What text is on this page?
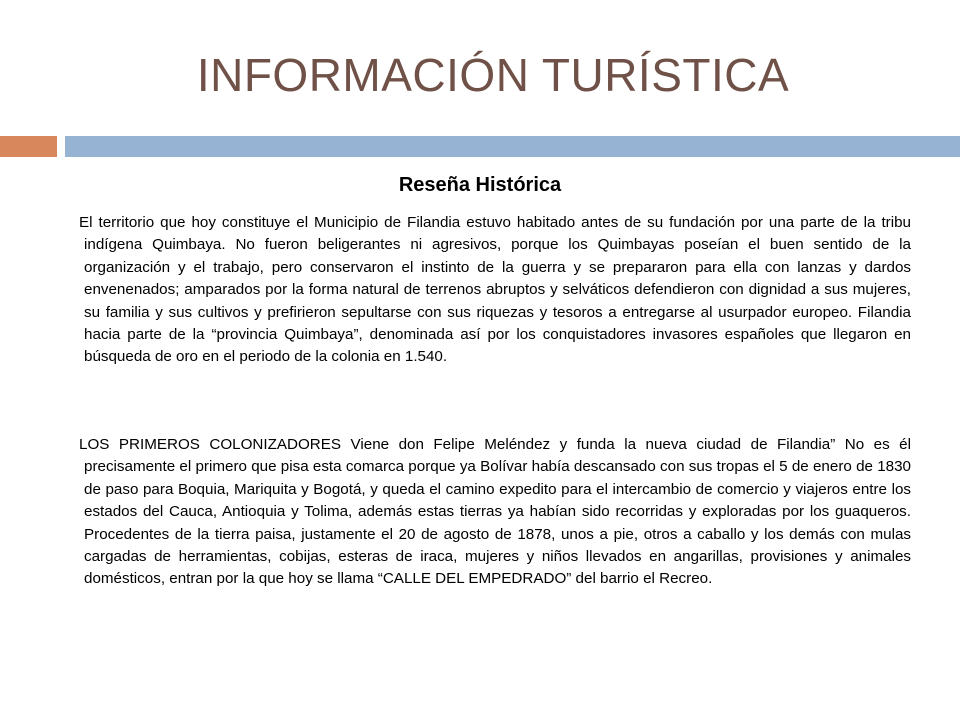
INFORMACIÓN TURÍSTICA
Reseña Histórica

El territorio que hoy constituye el Municipio de Filandia estuvo habitado antes de su fundación por una parte de la tribu indígena Quimbaya. No fueron beligerantes ni agresivos, porque los Quimbayas poseían el buen sentido de la organización y el trabajo, pero conservaron el instinto de la guerra y se prepararon para ella con lanzas y dardos envenenados; amparados por la forma natural de terrenos abruptos y selváticos defendieron con dignidad a sus mujeres, su familia y sus cultivos y prefirieron sepultarse con sus riquezas y tesoros a entregarse al usurpador europeo. Filandia hacia parte de la “provincia Quimbaya”, denominada así por los conquistadores invasores españoles que llegaron en búsqueda de oro en el periodo de la colonia en 1.540.

LOS PRIMEROS COLONIZADORES Viene don Felipe Meléndez y funda la nueva ciudad de Filandia” No es él precisamente el primero que pisa esta comarca porque ya Bolívar había descansado con sus tropas el 5 de enero de 1830 de paso para Boquia, Mariquita y Bogotá, y queda el camino expedito para el intercambio de comercio y viajeros entre los estados del Cauca, Antioquia y Tolima, además estas tierras ya habían sido recorridas y exploradas por los guaqueros. Procedentes de la tierra paisa, justamente el 20 de agosto de 1878, unos a pie, otros a caballo y los demás con mulas cargadas de herramientas, cobijas, esteras de iraca, mujeres y niños llevados en angarillas, provisiones y animales domésticos, entran por la que hoy se llama “CALLE DEL EMPEDRADO” del barrio el Recreo.
